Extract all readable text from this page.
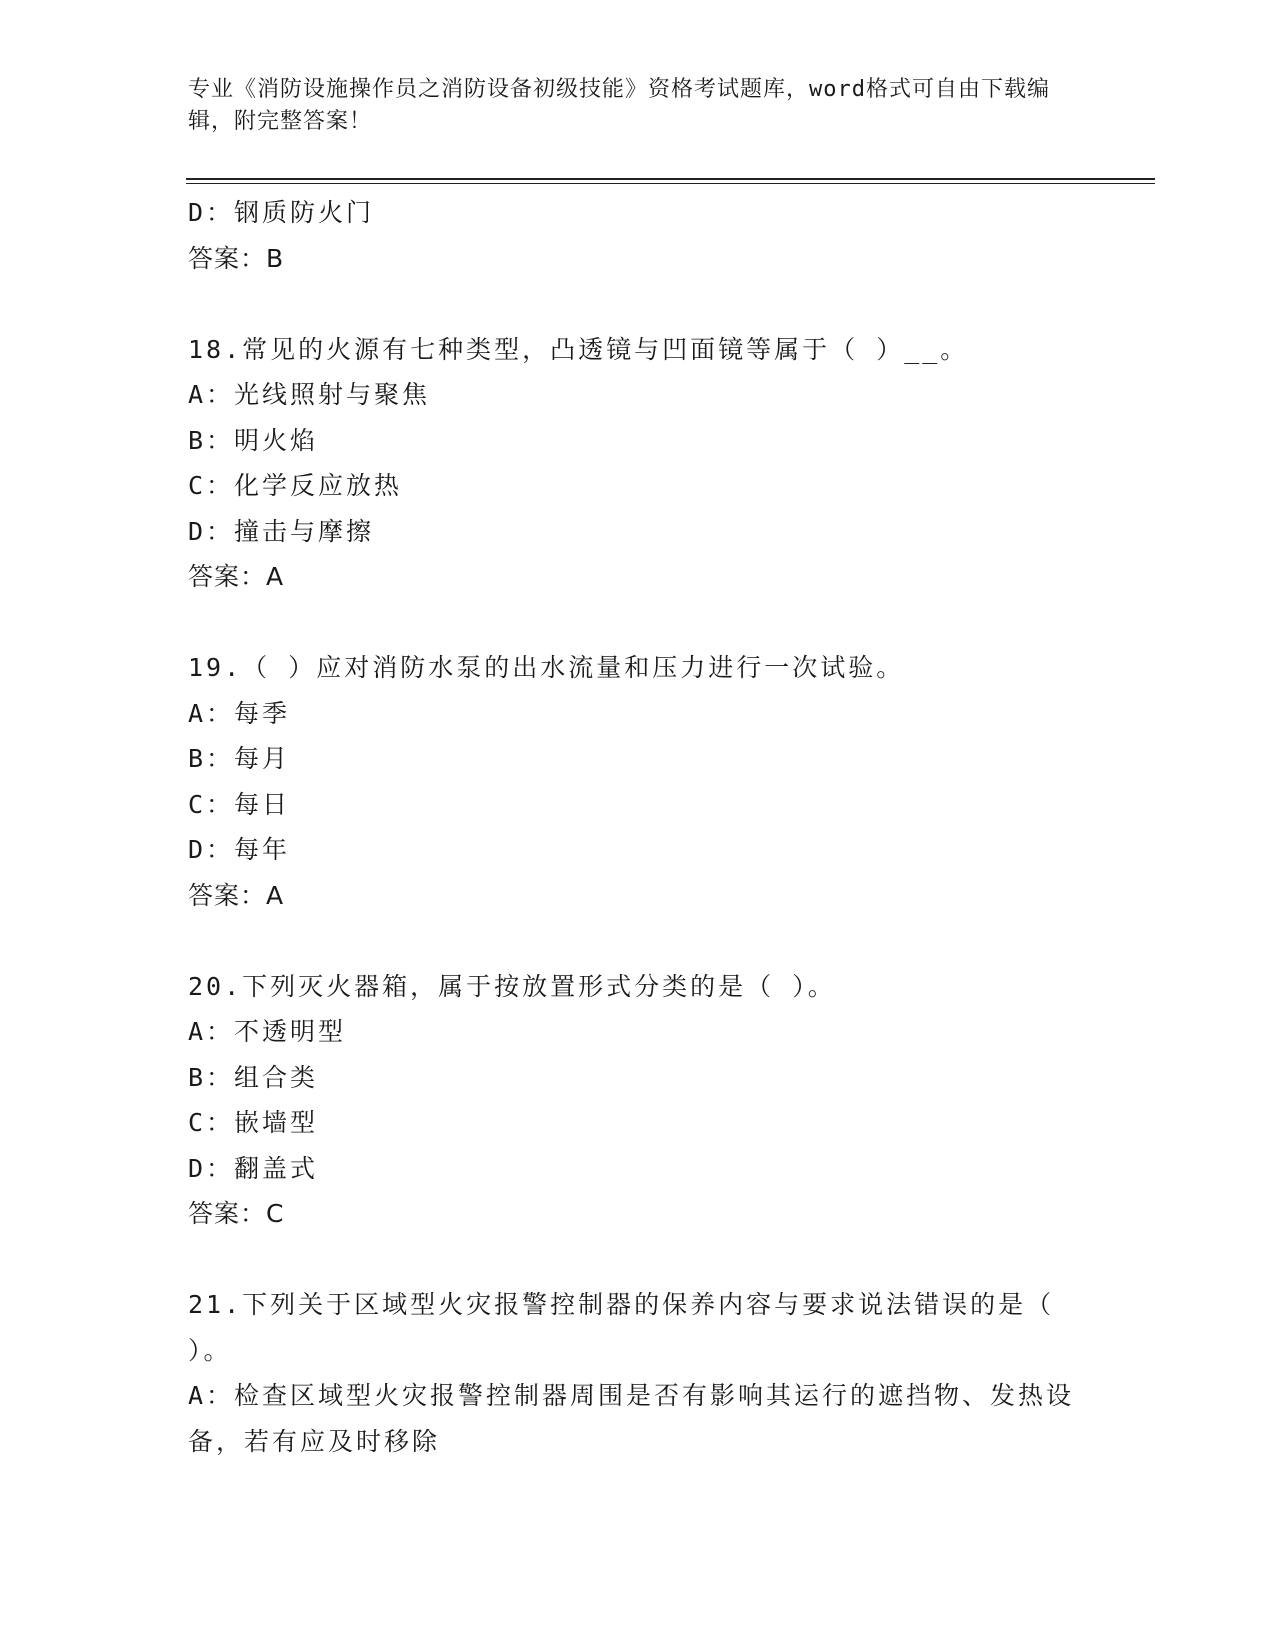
专业《消防设施操作员之消防设备初级技能》资格考试题库，word格式可自由下载编辑，附完整答案！
D：钢质防火门
答案：B
18.常见的火源有七种类型，凸透镜与凹面镜等属于（ ）__。
A：光线照射与聚焦
B：明火焰
C：化学反应放热
D：撞击与摩擦
答案：A
19.（ ）应对消防水泵的出水流量和压力进行一次试验。
A：每季
B：每月
C：每日
D：每年
答案：A
20.下列灭火器箱，属于按放置形式分类的是（ ）。
A：不透明型
B：组合类
C：嵌墙型
D：翻盖式
答案：C
21.下列关于区域型火灾报警控制器的保养内容与要求说法错误的是（ ）。
A：检查区域型火灾报警控制器周围是否有影响其运行的遮挡物、发热设备，若有应及时移除
